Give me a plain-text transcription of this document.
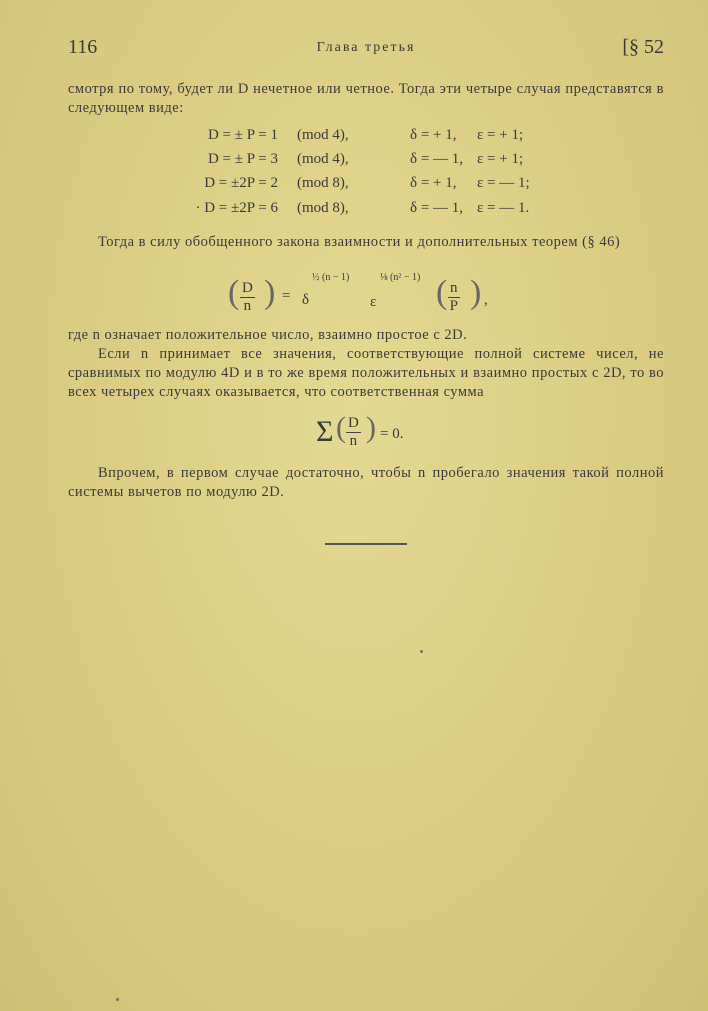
116	Глава третья	[§ 52

смотря по тому, будет ли D нечетное или четное. Тогда эти четыре случая представятся в следующем виде:

D = ± P = 1 (mod 4),	δ = + 1, ε = + 1;
D = ± P = 3 (mod 4),	δ = — 1, ε = + 1;
D = ±2P = 2 (mod 8),	δ = + 1, ε = — 1;
· D = ±2P = 6 (mod 8),	δ = — 1, ε = — 1.

Тогда в силу обобщенного закона взаимности и дополнительных теорем (§ 46)

( $\frac{D}{n}$ ) = δ
½ (n − 1)
ε
⅛ (n² − 1) ( $\frac{n}{P}$ ) ,

где n означает положительное число, взаимно простое с 2D.

Если n принимает все значения, соответствующие полной системе чисел, не сравнимых по модулю 4D и в то же время положительных и взаимно простых с 2D, то во всех четырех случаях оказывается, что соответственная сумма

Σ ( $\frac{D}{n}$ ) = 0.

Впрочем, в первом случае достаточно, чтобы n пробегало значения такой полной системы вычетов по модулю 2D.
